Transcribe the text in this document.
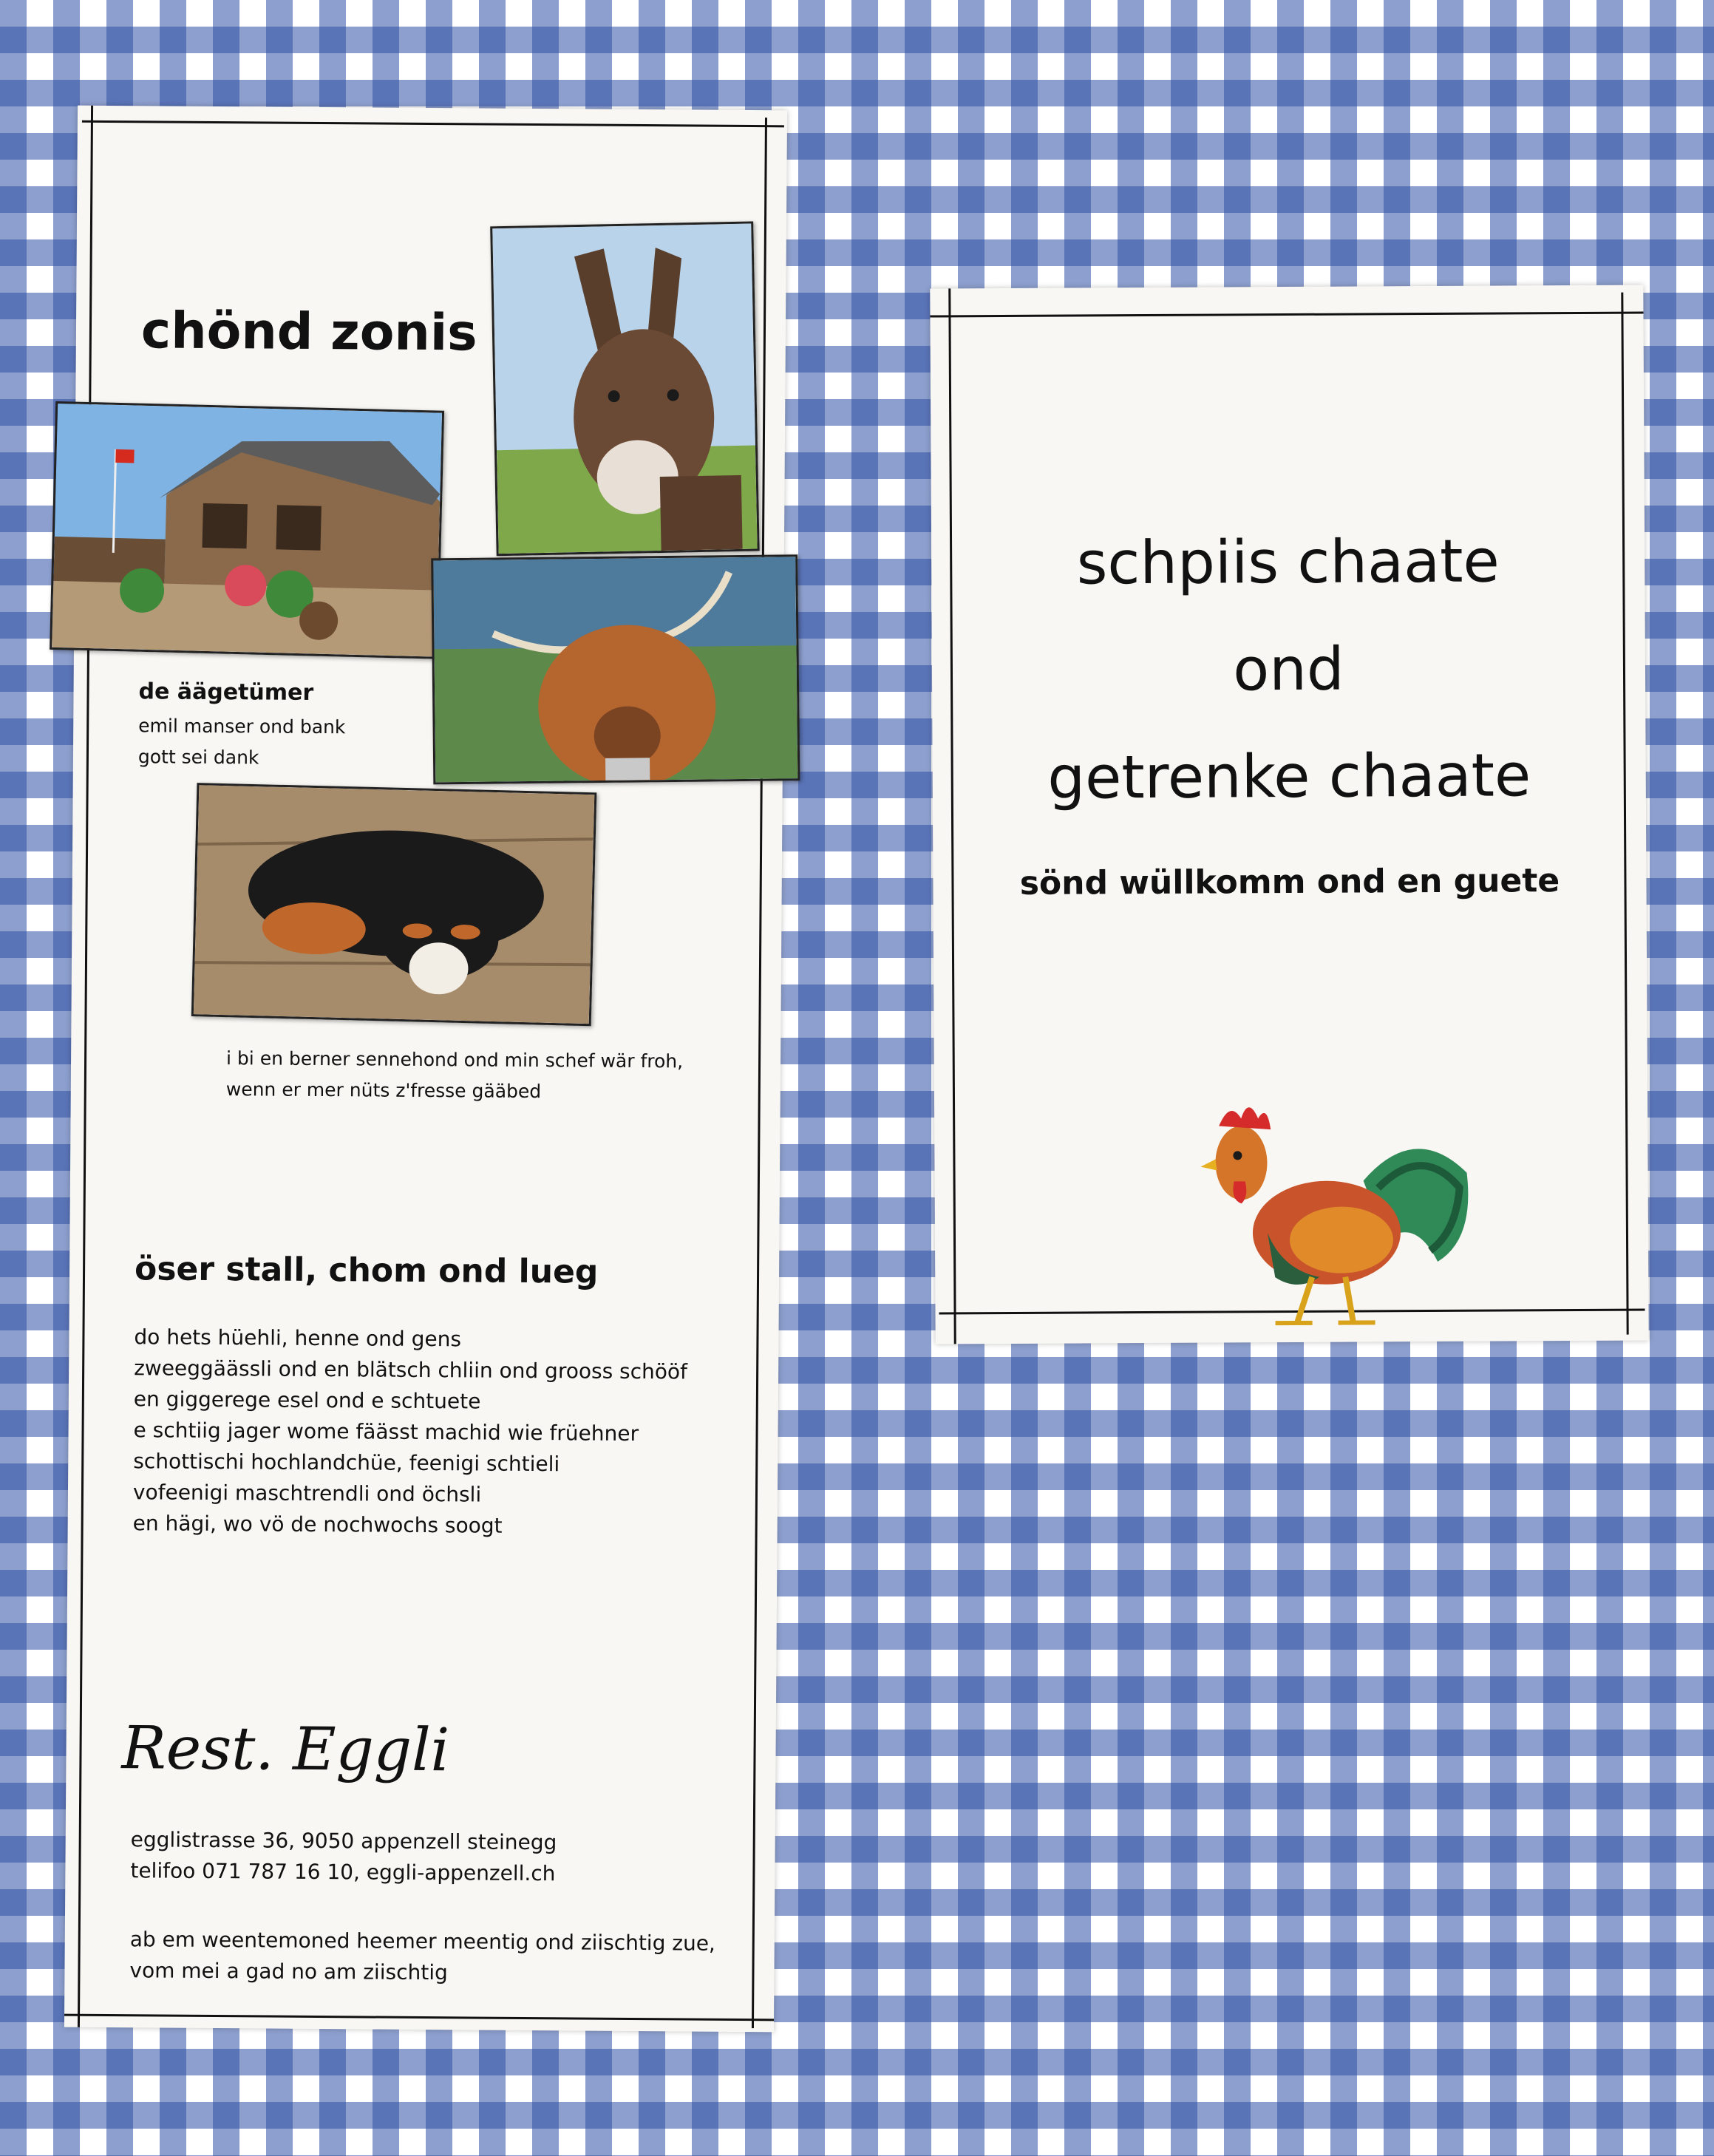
chönd zonis
de äägetümer
emil manser ond bank
gott sei dank
i bi en berner sennehond ond min schef wär froh,
wenn er mer nüts z'fresse gääbed
öser stall, chom ond lueg
do hets hüehli, henne ond gens
zweeggäässli ond en blätsch chliin ond grooss schööf
en giggerege esel ond e schtuete
e schtiig jager wome fäässt machid wie früehner
schottischi hochlandchüe, feenigi schtieli
vofeenigi maschtrendli ond öchsli
en hägi, wo vö de nochwochs soogt
Rest. Eggli
egglistrasse 36, 9050 appenzell steinegg
telifoo 071 787 16 10, eggli-appenzell.ch
ab em weentemoned heemer meentig ond ziischtig zue,
vom mei a gad no am ziischtig
schpiis chaate
ond
getrenke chaate
sönd wüllkomm ond en guete
